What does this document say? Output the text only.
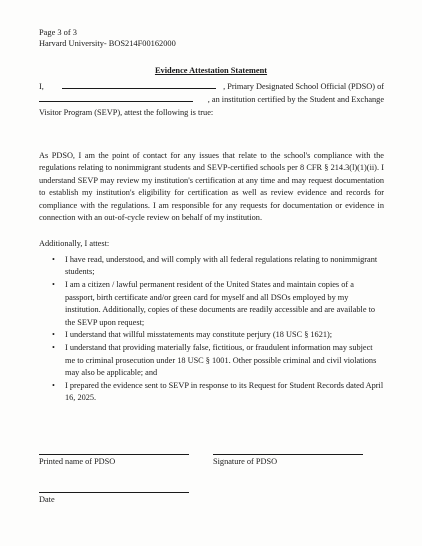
Page 3 of 3
Harvard University- BOS214F00162000
Evidence Attestation Statement
I,	, Primary Designated School Official (PDSO) of
, an institution certified by the Student and Exchange
Visitor Program (SEVP), attest the following is true:
As PDSO, I am the point of contact for any issues that relate to the school's compliance with the regulations relating to nonimmigrant students and SEVP-certified schools per 8 CFR § 214.3(l)(1)(ii). I understand SEVP may review my institution's certification at any time and may request documentation to establish my institution's eligibility for certification as well as review evidence and records for compliance with the regulations. I am responsible for any requests for documentation or evidence in connection with an out-of-cycle review on behalf of my institution.
Additionally, I attest:
• I have read, understood, and will comply with all federal regulations relating to nonimmigrant students;
• I am a citizen / lawful permanent resident of the United States and maintain copies of a passport, birth certificate and/or green card for myself and all DSOs employed by my institution. Additionally, copies of these documents are readily accessible and are available to the SEVP upon request;
• I understand that willful misstatements may constitute perjury (18 USC § 1621);
• I understand that providing materially false, fictitious, or fraudulent information may subject me to criminal prosecution under 18 USC § 1001. Other possible criminal and civil violations may also be applicable; and
• I prepared the evidence sent to SEVP in response to its Request for Student Records dated April 16, 2025.
Printed name of PDSO	Signature of PDSO
Date
